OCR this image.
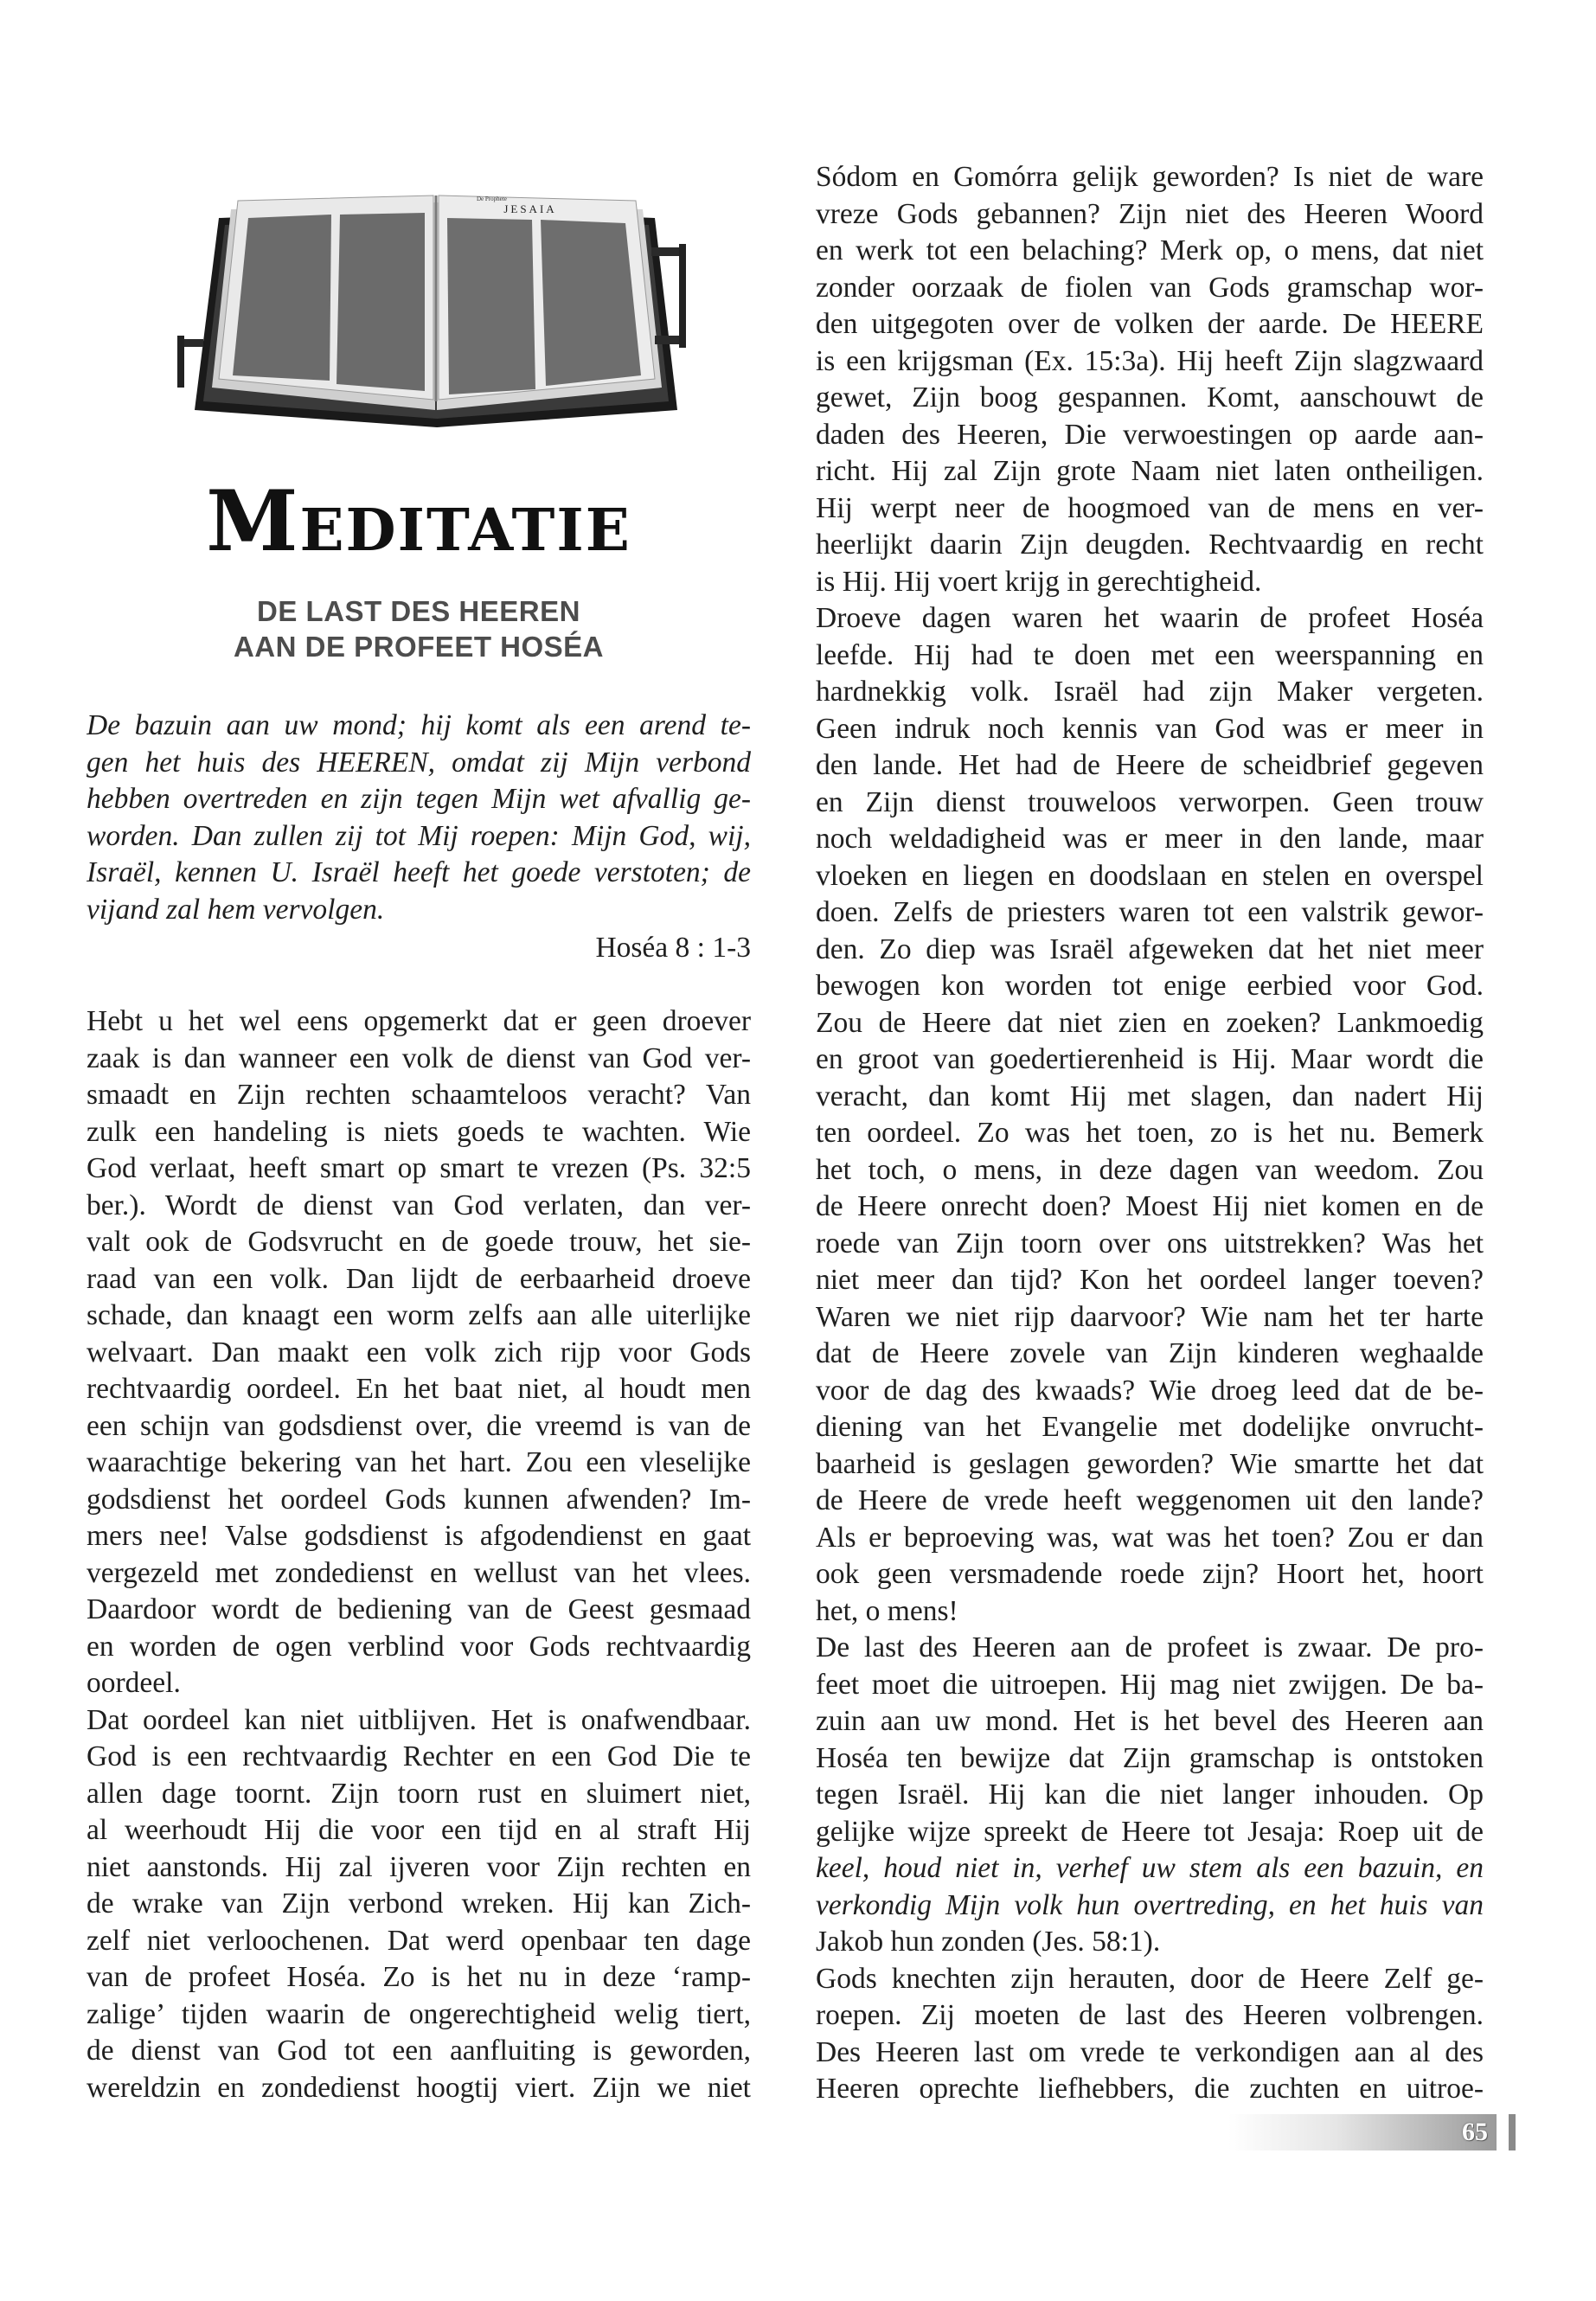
JESAIA
De Prophete
Meditatie
DE LAST DES HEEREN
AAN DE PROFEET HOSÉA
De bazuin aan uw mond; hij komt als een arend te-
gen het huis des HEEREN, omdat zij Mijn verbond
hebben overtreden en zijn tegen Mijn wet afvallig ge-
worden. Dan zullen zij tot Mij roepen: Mijn God, wij,
Israël, kennen U. Israël heeft het goede verstoten; de
vijand zal hem vervolgen.
Hoséa 8 : 1-3
Hebt u het wel eens opgemerkt dat er geen droever
zaak is dan wanneer een volk de dienst van God ver-
smaadt en Zijn rechten schaamteloos veracht? Van
zulk een handeling is niets goeds te wachten. Wie
God verlaat, heeft smart op smart te vrezen (Ps. 32:5
ber.). Wordt de dienst van God verlaten, dan ver-
valt ook de Godsvrucht en de goede trouw, het sie-
raad van een volk. Dan lijdt de eerbaarheid droeve
schade, dan knaagt een worm zelfs aan alle uiterlijke
welvaart. Dan maakt een volk zich rijp voor Gods
rechtvaardig oordeel. En het baat niet, al houdt men
een schijn van godsdienst over, die vreemd is van de
waarachtige bekering van het hart. Zou een vleselijke
godsdienst het oordeel Gods kunnen afwenden? Im-
mers nee! Valse godsdienst is afgodendienst en gaat
vergezeld met zondedienst en wellust van het vlees.
Daardoor wordt de bediening van de Geest gesmaad
en worden de ogen verblind voor Gods rechtvaardig
oordeel.
Dat oordeel kan niet uitblijven. Het is onafwendbaar.
God is een rechtvaardig Rechter en een God Die te
allen dage toornt. Zijn toorn rust en sluimert niet,
al weerhoudt Hij die voor een tijd en al straft Hij
niet aanstonds. Hij zal ijveren voor Zijn rechten en
de wrake van Zijn verbond wreken. Hij kan Zich-
zelf niet verloochenen. Dat werd openbaar ten dage
van de profeet Hoséa. Zo is het nu in deze ‘ramp-
zalige’ tijden waarin de ongerechtigheid welig tiert,
de dienst van God tot een aanfluiting is geworden,
wereldzin en zondedienst hoogtij viert. Zijn we niet
Sódom en Gomórra gelijk geworden? Is niet de ware
vreze Gods gebannen? Zijn niet des Heeren Woord
en werk tot een belaching? Merk op, o mens, dat niet
zonder oorzaak de fiolen van Gods gramschap wor-
den uitgegoten over de volken der aarde. De HEERE
is een krijgsman (Ex. 15:3a). Hij heeft Zijn slagzwaard
gewet, Zijn boog gespannen. Komt, aanschouwt de
daden des Heeren, Die verwoestingen op aarde aan-
richt. Hij zal Zijn grote Naam niet laten ontheiligen.
Hij werpt neer de hoogmoed van de mens en ver-
heerlijkt daarin Zijn deugden. Rechtvaardig en recht
is Hij. Hij voert krijg in gerechtigheid.
Droeve dagen waren het waarin de profeet Hoséa
leefde. Hij had te doen met een weerspanning en
hardnekkig volk. Israël had zijn Maker vergeten.
Geen indruk noch kennis van God was er meer in
den lande. Het had de Heere de scheidbrief gegeven
en Zijn dienst trouweloos verworpen. Geen trouw
noch weldadigheid was er meer in den lande, maar
vloeken en liegen en doodslaan en stelen en overspel
doen. Zelfs de priesters waren tot een valstrik gewor-
den. Zo diep was Israël afgeweken dat het niet meer
bewogen kon worden tot enige eerbied voor God.
Zou de Heere dat niet zien en zoeken? Lankmoedig
en groot van goedertierenheid is Hij. Maar wordt die
veracht, dan komt Hij met slagen, dan nadert Hij
ten oordeel. Zo was het toen, zo is het nu. Bemerk
het toch, o mens, in deze dagen van weedom. Zou
de Heere onrecht doen? Moest Hij niet komen en de
roede van Zijn toorn over ons uitstrekken? Was het
niet meer dan tijd? Kon het oordeel langer toeven?
Waren we niet rijp daarvoor? Wie nam het ter harte
dat de Heere zovele van Zijn kinderen weghaalde
voor de dag des kwaads? Wie droeg leed dat de be-
diening van het Evangelie met dodelijke onvrucht-
baarheid is geslagen geworden? Wie smartte het dat
de Heere de vrede heeft weggenomen uit den lande?
Als er beproeving was, wat was het toen? Zou er dan
ook geen versmadende roede zijn? Hoort het, hoort
het, o mens!
De last des Heeren aan de profeet is zwaar. De pro-
feet moet die uitroepen. Hij mag niet zwijgen. De ba-
zuin aan uw mond. Het is het bevel des Heeren aan
Hoséa ten bewijze dat Zijn gramschap is ontstoken
tegen Israël. Hij kan die niet langer inhouden. Op
gelijke wijze spreekt de Heere tot Jesaja: Roep uit de
keel, houd niet in, verhef uw stem als een bazuin, en
verkondig Mijn volk hun overtreding, en het huis van
Jakob hun zonden (Jes. 58:1).
Gods knechten zijn herauten, door de Heere Zelf ge-
roepen. Zij moeten de last des Heeren volbrengen.
Des Heeren last om vrede te verkondigen aan al des
Heeren oprechte liefhebbers, die zuchten en uitroe-
65
